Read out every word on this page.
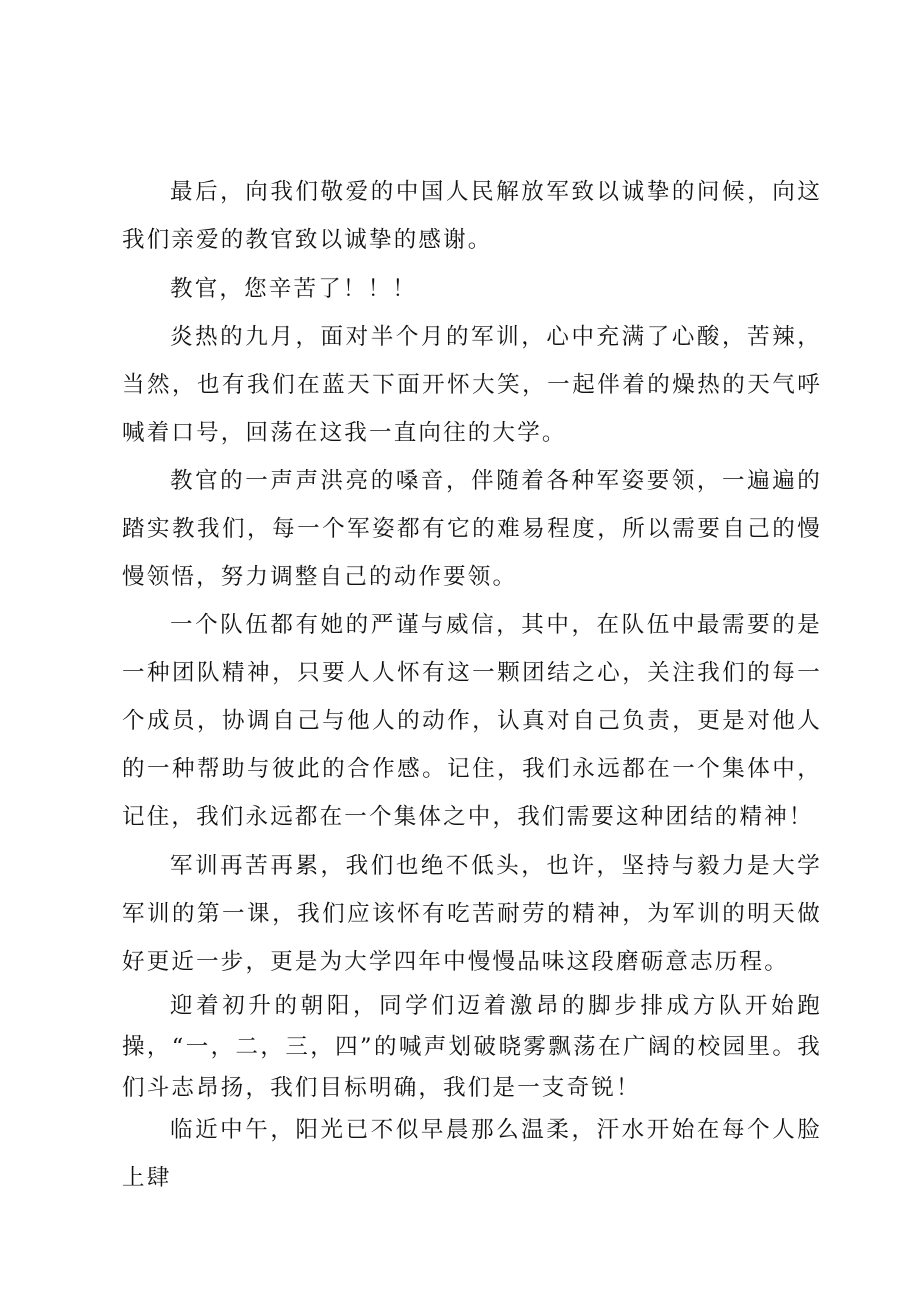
最后，向我们敬爱的中国人民解放军致以诚挚的问候，向这我们亲爱的教官致以诚挚的感谢。

教官，您辛苦了！！！

炎热的九月，面对半个月的军训，心中充满了心酸，苦辣，当然，也有我们在蓝天下面开怀大笑，一起伴着的燥热的天气呼喊着口号，回荡在这我一直向往的大学。

教官的一声声洪亮的嗓音，伴随着各种军姿要领，一遍遍的踏实教我们，每一个军姿都有它的难易程度，所以需要自己的慢慢领悟，努力调整自己的动作要领。

一个队伍都有她的严谨与威信，其中，在队伍中最需要的是一种团队精神，只要人人怀有这一颗团结之心，关注我们的每一个成员，协调自己与他人的动作，认真对自己负责，更是对他人的一种帮助与彼此的合作感。记住，我们永远都在一个集体中，记住，我们永远都在一个集体之中，我们需要这种团结的精神！

军训再苦再累，我们也绝不低头，也许，坚持与毅力是大学军训的第一课，我们应该怀有吃苦耐劳的精神，为军训的明天做好更近一步，更是为大学四年中慢慢品味这段磨砺意志历程。

迎着初升的朝阳，同学们迈着激昂的脚步排成方队开始跑操，“一，二，三，四”的喊声划破晓雾飘荡在广阔的校园里。我们斗志昂扬，我们目标明确，我们是一支奇锐！

临近中午，阳光已不似早晨那么温柔，汗水开始在每个人脸上肆
